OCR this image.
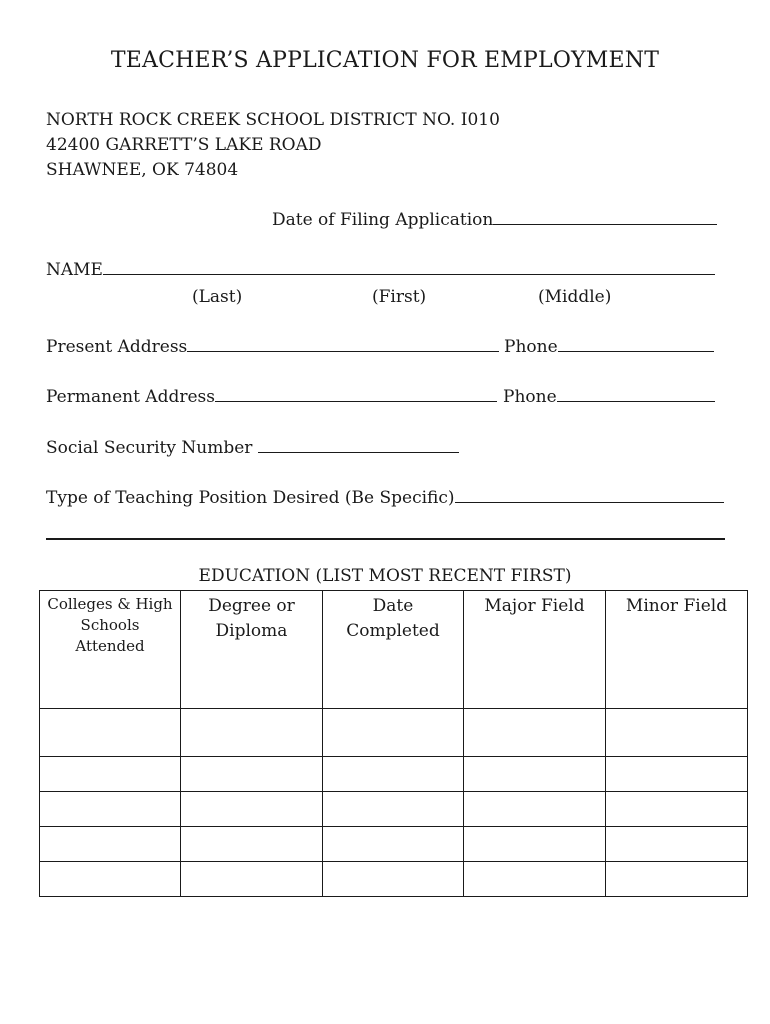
TEACHER’S APPLICATION FOR EMPLOYMENT
NORTH ROCK CREEK SCHOOL DISTRICT NO. I010
42400 GARRETT’S LAKE ROAD
SHAWNEE, OK 74804
Date of Filing Application
NAME
(Last)	(First)	(Middle)
Present Address	Phone
Permanent Address	Phone
Social Security Number
Type of Teaching Position Desired (Be Specific)
EDUCATION (LIST MOST RECENT FIRST)
Colleges & High Schools Attended	Degree or Diploma	Date Completed	Major Field	Minor Field
